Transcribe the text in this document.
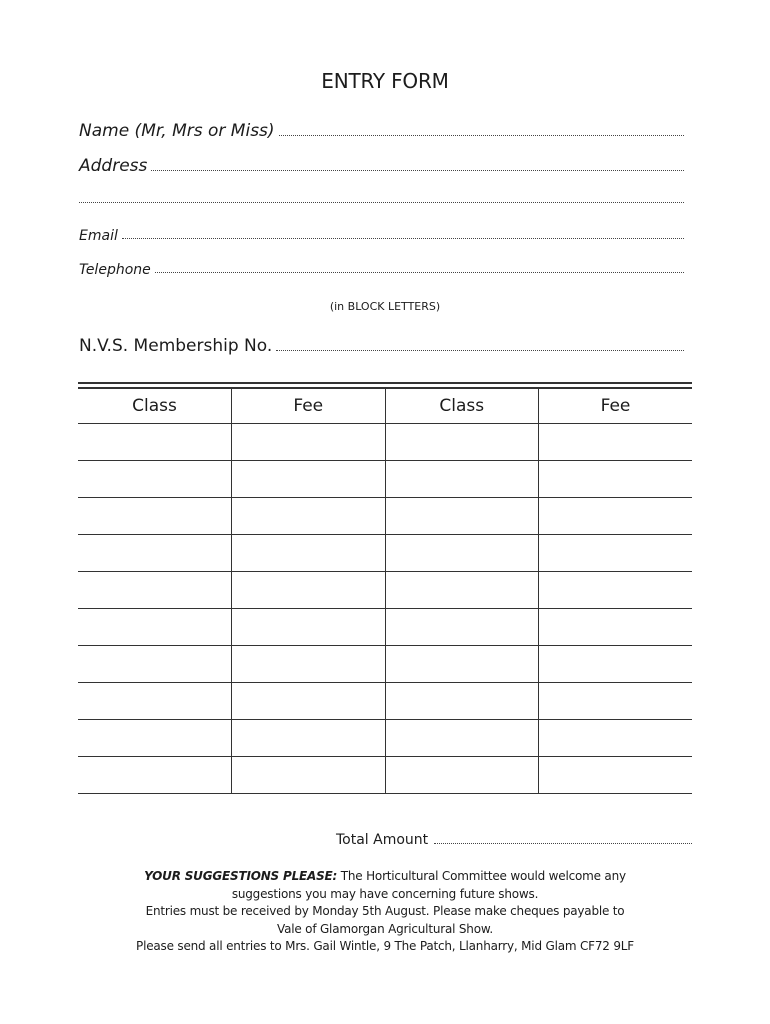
ENTRY FORM
Name (Mr, Mrs or Miss)
Address
Email
Telephone
(in BLOCK LETTERS)
N.V.S. Membership No.
Class	Fee	Class	Fee

Total Amount

YOUR SUGGESTIONS PLEASE: The Horticultural Committee would welcome any

suggestions you may have concerning future shows.

Entries must be received by Monday 5th August. Please make cheques payable to

Vale of Glamorgan Agricultural Show.

Please send all entries to Mrs. Gail Wintle, 9 The Patch, Llanharry, Mid Glam CF72 9LF
